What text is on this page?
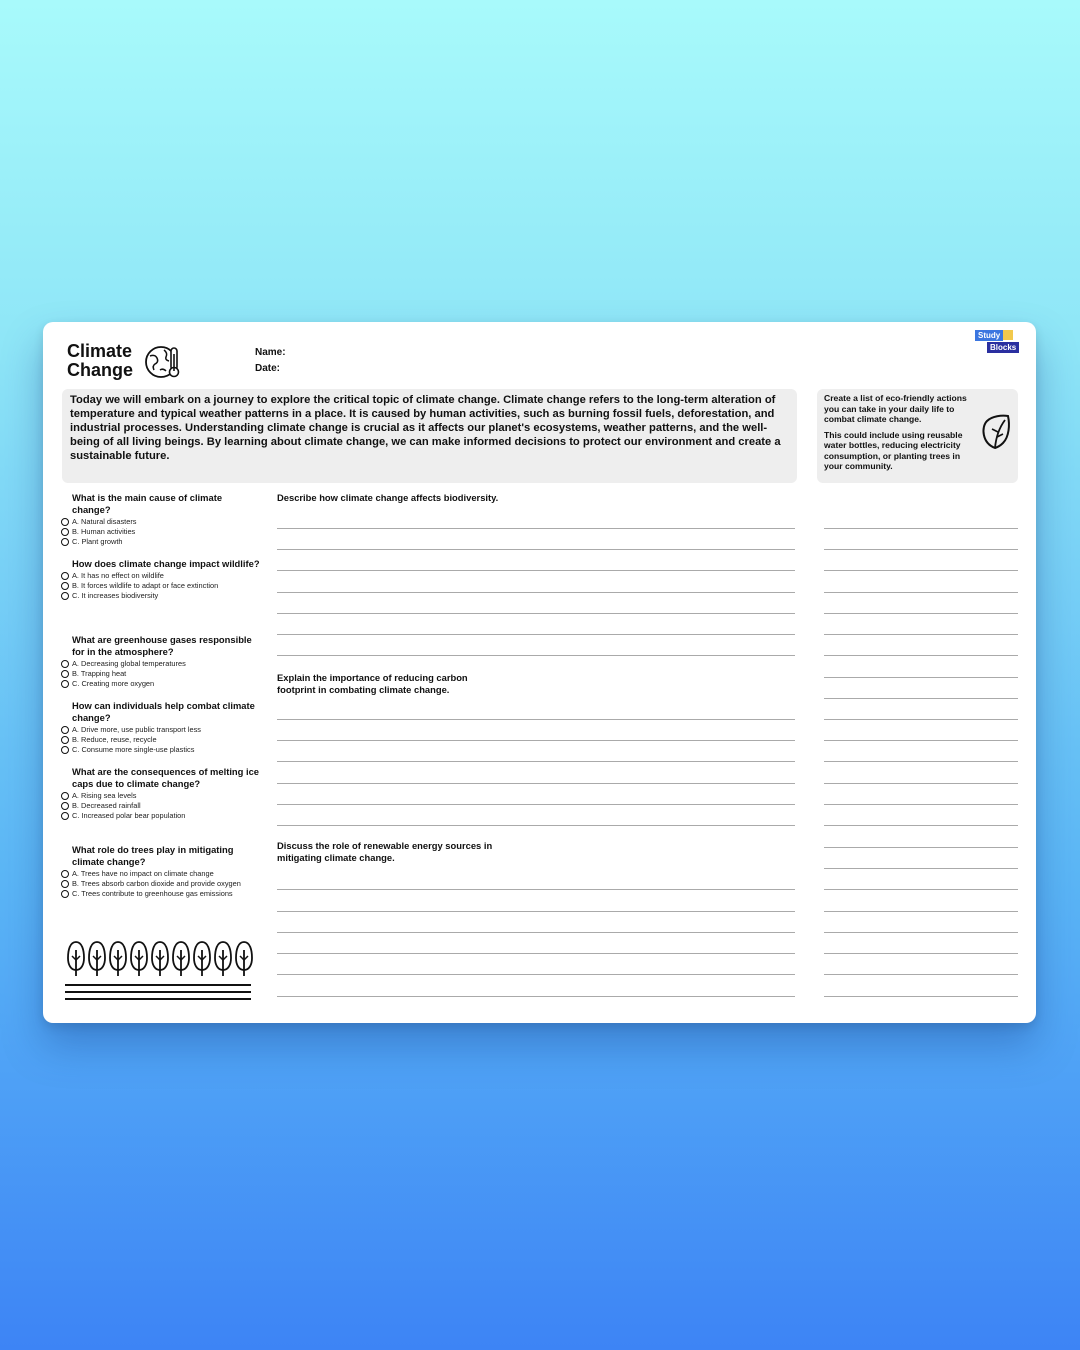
Climate
Change
Name:
Date:
Study
Blocks
Today we will embark on a journey to explore the critical topic of climate change. Climate change refers to the long-term alteration of temperature and typical weather patterns in a place. It is caused by human activities, such as burning fossil fuels, deforestation, and industrial processes. Understanding climate change is crucial as it affects our planet's ecosystems, weather patterns, and the well-being of all living beings. By learning about climate change, we can make informed decisions to protect our environment and create a sustainable future.

Create a list of eco-friendly actions you can take in your daily life to combat climate change.

This could include using reusable water bottles, reducing electricity consumption, or planting trees in your community.

What is the main cause of climate change?
A. Natural disasters
B. Human activities
C. Plant growth
How does climate change impact wildlife?
A. It has no effect on wildlife
B. It forces wildlife to adapt or face extinction
C. It increases biodiversity
What are greenhouse gases responsible for in the atmosphere?
A. Decreasing global temperatures
B. Trapping heat
C. Creating more oxygen
How can individuals help combat climate change?
A. Drive more, use public transport less
B. Reduce, reuse, recycle
C. Consume more single-use plastics
What are the consequences of melting ice caps due to climate change?
A. Rising sea levels
B. Decreased rainfall
C. Increased polar bear population
What role do trees play in mitigating climate change?
A. Trees have no impact on climate change
B. Trees absorb carbon dioxide and provide oxygen
C. Trees contribute to greenhouse gas emissions
Describe how climate change affects biodiversity.
Explain the importance of reducing carbon footprint in combating climate change.
Discuss the role of renewable energy sources in mitigating climate change.
